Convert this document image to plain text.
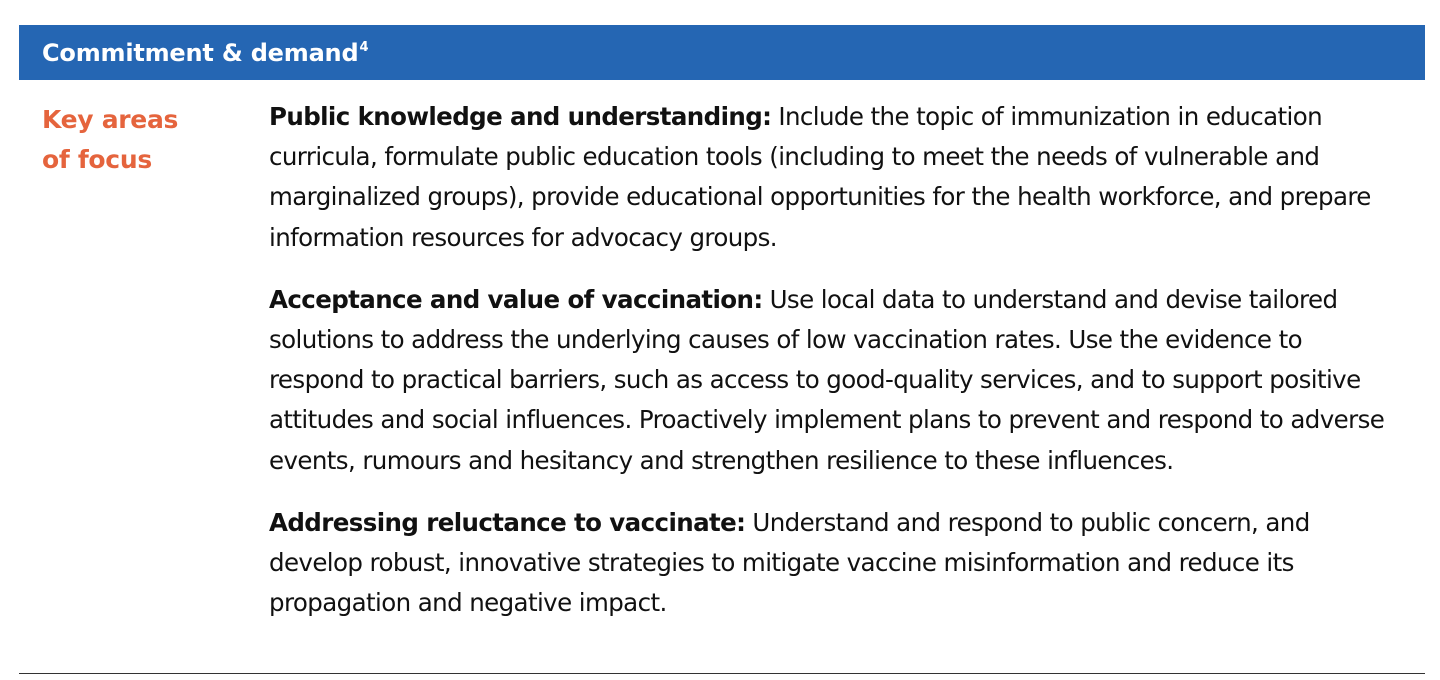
Commitment & demand$^4$
Key areas
of focus

Public knowledge and understanding: Include the topic of immunization in education curricula, formulate public education tools (including to meet the needs of vulnerable and marginalized groups), provide educational opportunities for the health workforce, and prepare information resources for advocacy groups.

Acceptance and value of vaccination: Use local data to understand and devise tailored solutions to address the underlying causes of low vaccination rates. Use the evidence to respond to practical barriers, such as access to good-quality services, and to support positive attitudes and social influences. Proactively implement plans to prevent and respond to adverse events, rumours and hesitancy and strengthen resilience to these influences.

Addressing reluctance to vaccinate: Understand and respond to public concern, and develop robust, innovative strategies to mitigate vaccine misinformation and reduce its propagation and negative impact.
